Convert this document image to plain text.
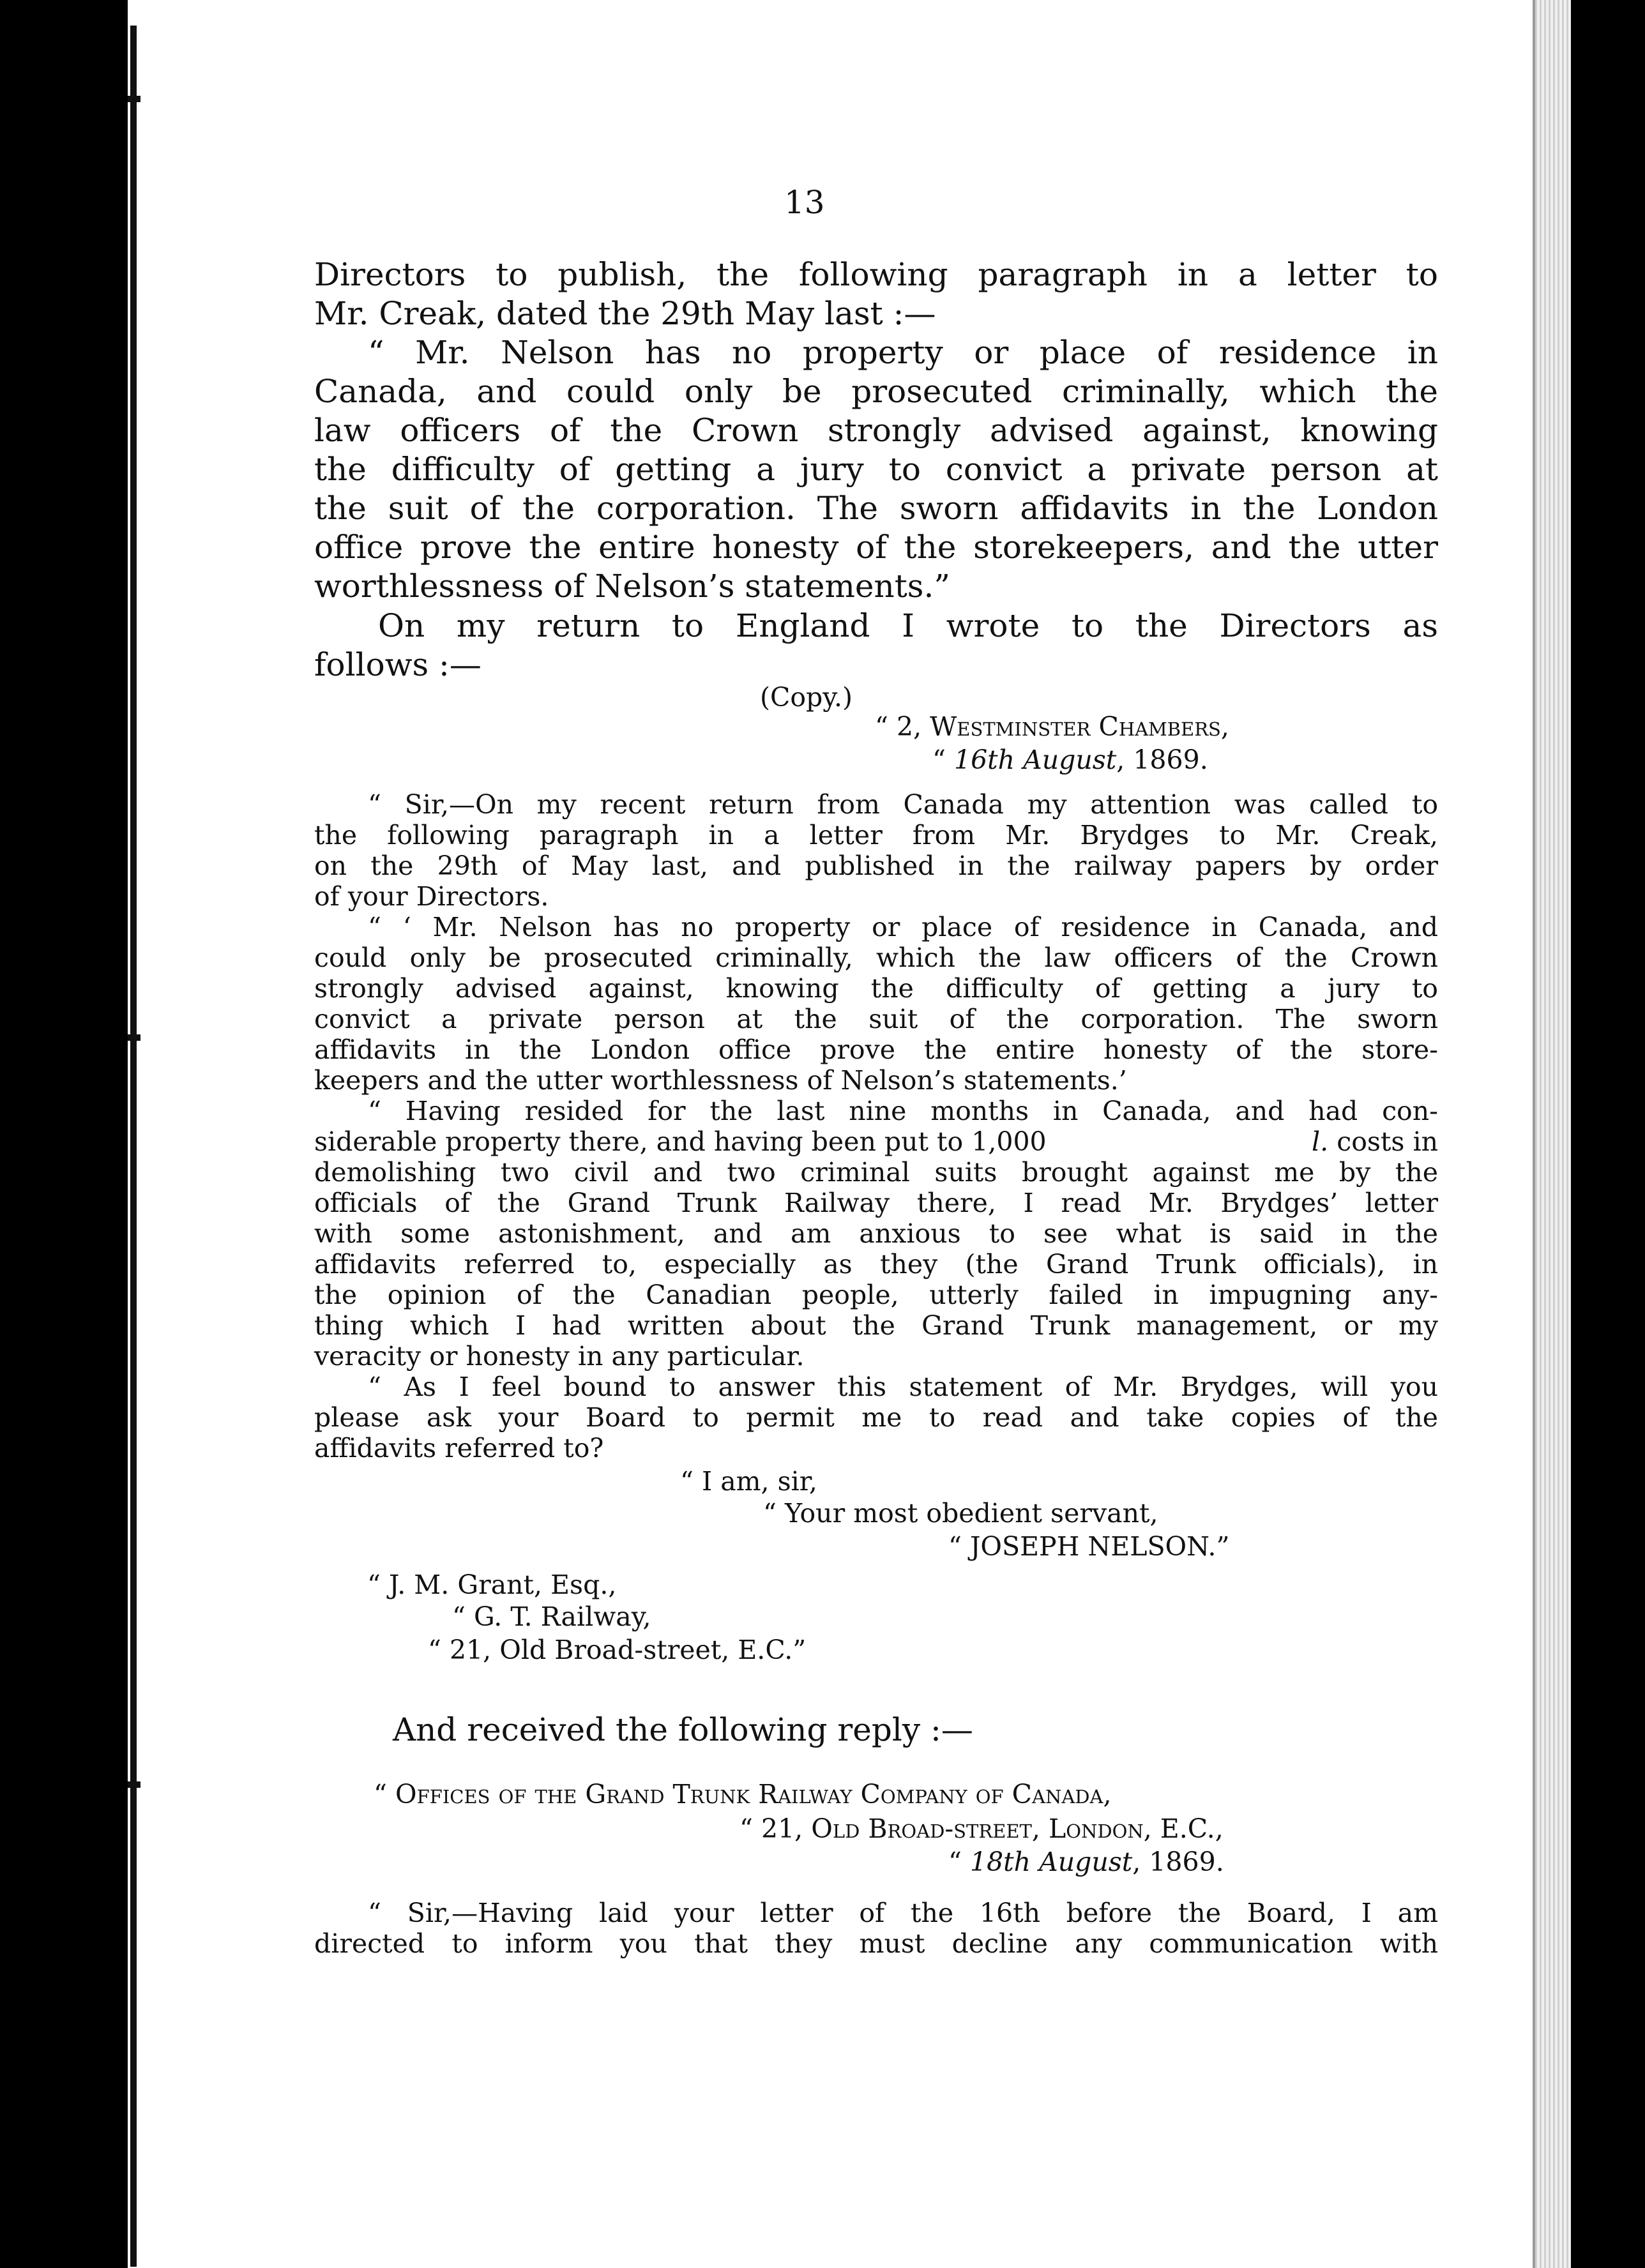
13
Directors to publish, the following paragraph in a letter to
Mr. Creak, dated the 29th May last :—
“ Mr. Nelson has no property or place of residence in
Canada, and could only be prosecuted criminally, which the
law officers of the Crown strongly advised against, knowing
the difficulty of getting a jury to convict a private person at
the suit of the corporation. The sworn affidavits in the London
office prove the entire honesty of the storekeepers, and the utter
worthlessness of Nelson’s statements.”
On my return to England I wrote to the Directors as
follows :—
(Copy.)
“ 2, Westminster Chambers,
“ 16th August, 1869.
“ Sir,—On my recent return from Canada my attention was called to
the following paragraph in a letter from Mr. Brydges to Mr. Creak,
on the 29th of May last, and published in the railway papers by order
of your Directors.
“ ‘ Mr. Nelson has no property or place of residence in Canada, and
could only be prosecuted criminally, which the law officers of the Crown
strongly advised against, knowing the difficulty of getting a jury to
convict a private person at the suit of the corporation. The sworn
affidavits in the London office prove the entire honesty of the store-
keepers and the utter worthlessness of Nelson’s statements.’
“ Having resided for the last nine months in Canada, and had con-
siderable property there, and having been put to 1,000	l. costs in
demolishing two civil and two criminal suits brought against me by the
officials of the Grand Trunk Railway there, I read Mr. Brydges’ letter
with some astonishment, and am anxious to see what is said in the
affidavits referred to, especially as they (the Grand Trunk officials), in
the opinion of the Canadian people, utterly failed in impugning any-
thing which I had written about the Grand Trunk management, or my
veracity or honesty in any particular.
“ As I feel bound to answer this statement of Mr. Brydges, will you
please ask your Board to permit me to read and take copies of the
affidavits referred to?
“ I am, sir,
“ Your most obedient servant,
“ JOSEPH NELSON.”
“ J. M. Grant, Esq.,
“ G. T. Railway,
“ 21, Old Broad-street, E.C.”
And received the following reply :—
“ Offices of the Grand Trunk Railway Company of Canada,
“ 21, Old Broad-street, London, E.C.,
“ 18th August, 1869.
“ Sir,—Having laid your letter of the 16th before the Board, I am
directed to inform you that they must decline any communication with
